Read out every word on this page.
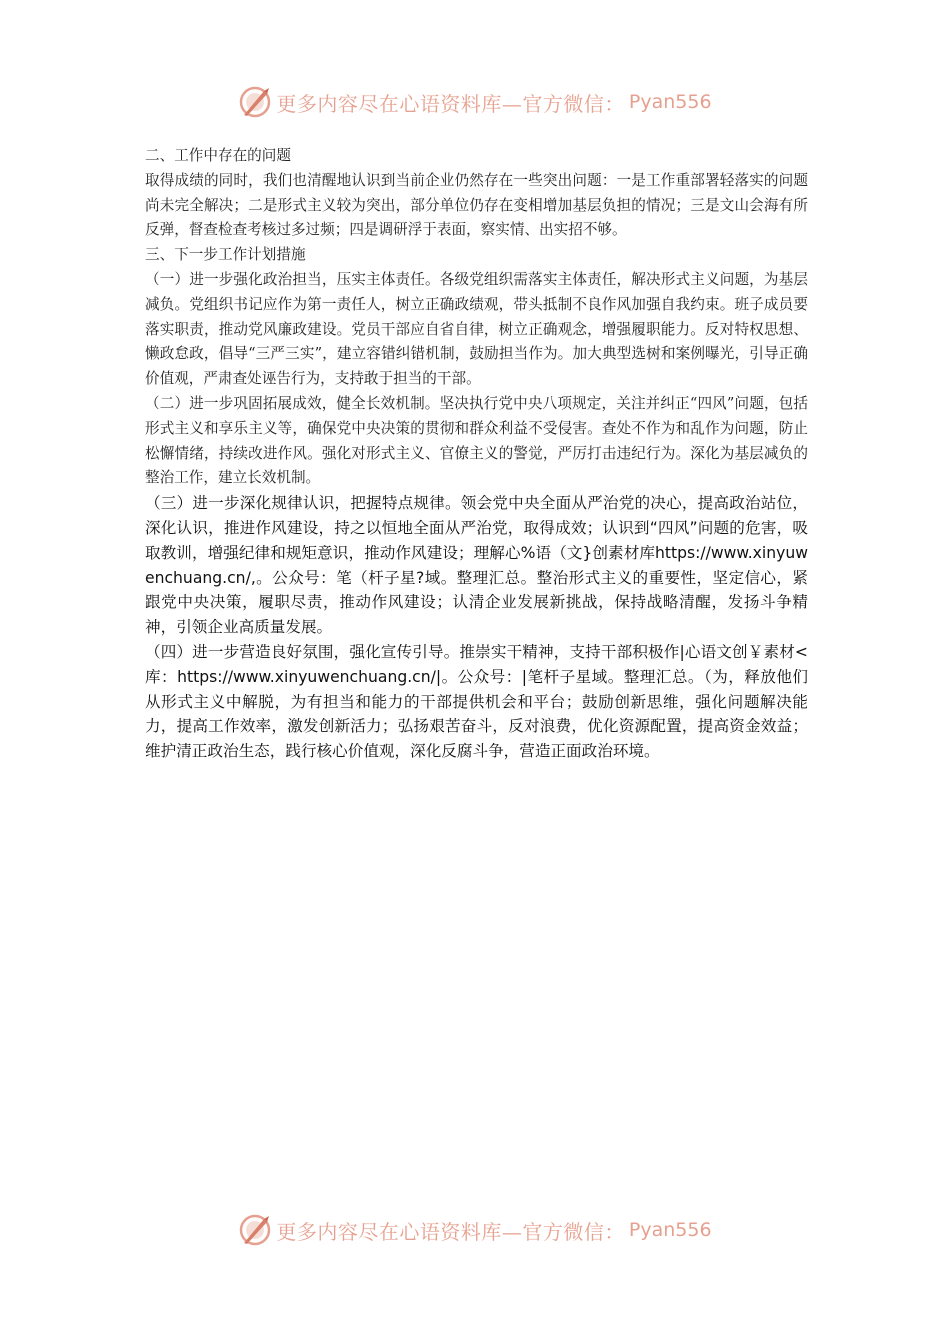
更多内容尽在心语资料库—官方微信： Pyan556

二、工作中存在的问题

取得成绩的同时，我们也清醒地认识到当前企业仍然存在一些突出问题：一是工作重部署轻落实的问题尚未完全解决；二是形式主义较为突出，部分单位仍存在变相增加基层负担的情况；三是文山会海有所反弹，督查检查考核过多过频；四是调研浮于表面，察实情、出实招不够。

三、下一步工作计划措施

（一）进一步强化政治担当，压实主体责任。各级党组织需落实主体责任，解决形式主义问题，为基层减负。党组织书记应作为第一责任人，树立正确政绩观，带头抵制不良作风加强自我约束。班子成员要落实职责，推动党风廉政建设。党员干部应自省自律，树立正确观念，增强履职能力。反对特权思想、懒政怠政，倡导“三严三实”，建立容错纠错机制，鼓励担当作为。加大典型选树和案例曝光，引导正确价值观，严肃查处诬告行为，支持敢于担当的干部。

（二）进一步巩固拓展成效，健全长效机制。坚决执行党中央八项规定，关注并纠正“四风”问题，包括形式主义和享乐主义等，确保党中央决策的贯彻和群众利益不受侵害。查处不作为和乱作为问题，防止松懈情绪，持续改进作风。强化对形式主义、官僚主义的警觉，严厉打击违纪行为。深化为基层减负的整治工作，建立长效机制。

（三）进一步深化规律认识，把握特点规律。领会党中央全面从严治党的决心，提高政治站位，深化认识，推进作风建设，持之以恒地全面从严治党，取得成效；认识到“四风”问题的危害，吸取教训，增强纪律和规矩意识，推动作风建设；理解心%语（文}创素材库https://www.xinyuwenchuang.cn/,。公众号：笔（杆子星?域。整理汇总。整治形式主义的重要性，坚定信心，紧跟党中央决策，履职尽责，推动作风建设；认清企业发展新挑战，保持战略清醒，发扬斗争精神，引领企业高质量发展。

（四）进一步营造良好氛围，强化宣传引导。推崇实干精神，支持干部积极作|心语文创￥素材<库：https://www.xinyuwenchuang.cn/|。公众号：|笔杆子星域。整理汇总。（为，释放他们从形式主义中解脱，为有担当和能力的干部提供机会和平台；鼓励创新思维，强化问题解决能力，提高工作效率，激发创新活力；弘扬艰苦奋斗，反对浪费，优化资源配置，提高资金效益；维护清正政治生态，践行核心价值观，深化反腐斗争，营造正面政治环境。

更多内容尽在心语资料库—官方微信： Pyan556
